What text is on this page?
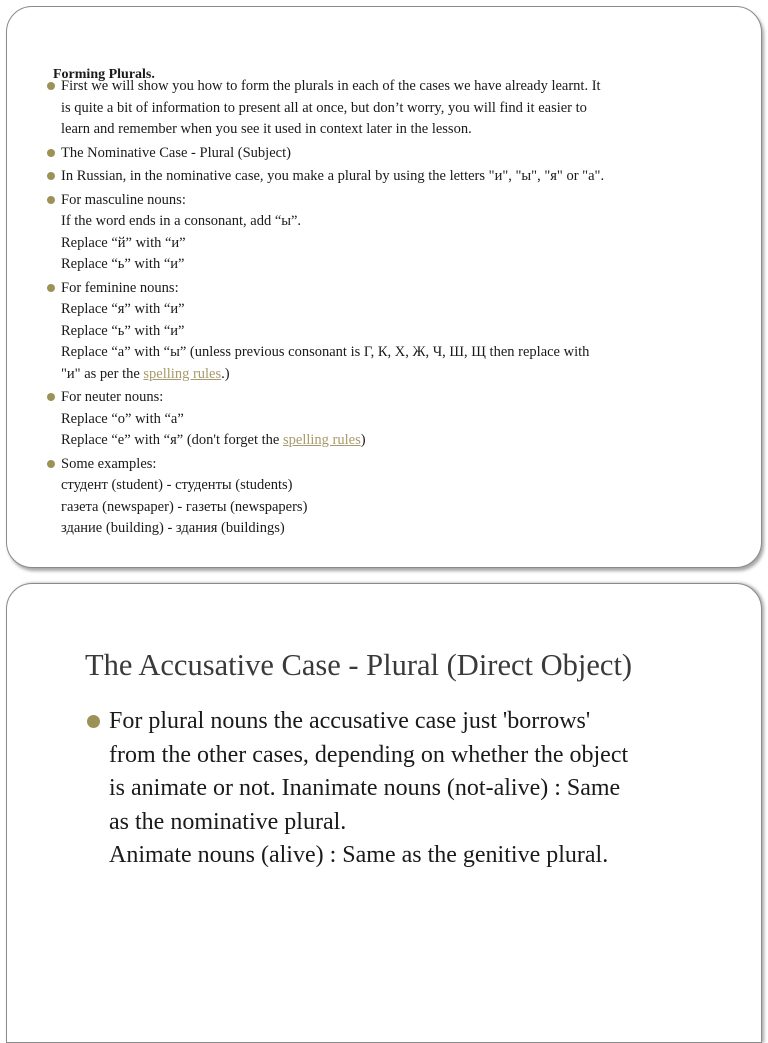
Forming Plurals.
First we will show you how to form the plurals in each of the cases we have already learnt. It
is quite a bit of information to present all at once, but don’t worry, you will find it easier to
learn and remember when you see it used in context later in the lesson.
The Nominative Case - Plural (Subject)
In Russian, in the nominative case, you make a plural by using the letters "и", "ы", "я" or "а".
For masculine nouns:
If the word ends in a consonant, add “ы”.
Replace “й” with “и”
Replace “ь” with “и”
For feminine nouns:
Replace “я” with “и”
Replace “ь” with “и”
Replace “а” with “ы” (unless previous consonant is Г, К, Х, Ж, Ч, Ш, Щ then replace with
"и" as per the spelling rules.)
For neuter nouns:
Replace “о” with “а”
Replace “е” with “я” (don't forget the spelling rules)
Some examples:
студент (student) - студенты (students)
газета (newspaper) - газеты (newspapers)
здание (building) - здания (buildings)
The Accusative Case - Plural (Direct Object)
For plural nouns the accusative case just 'borrows'
from the other cases, depending on whether the object
is animate or not. Inanimate nouns (not-alive) : Same
as the nominative plural.
Animate nouns (alive) : Same as the genitive plural.
